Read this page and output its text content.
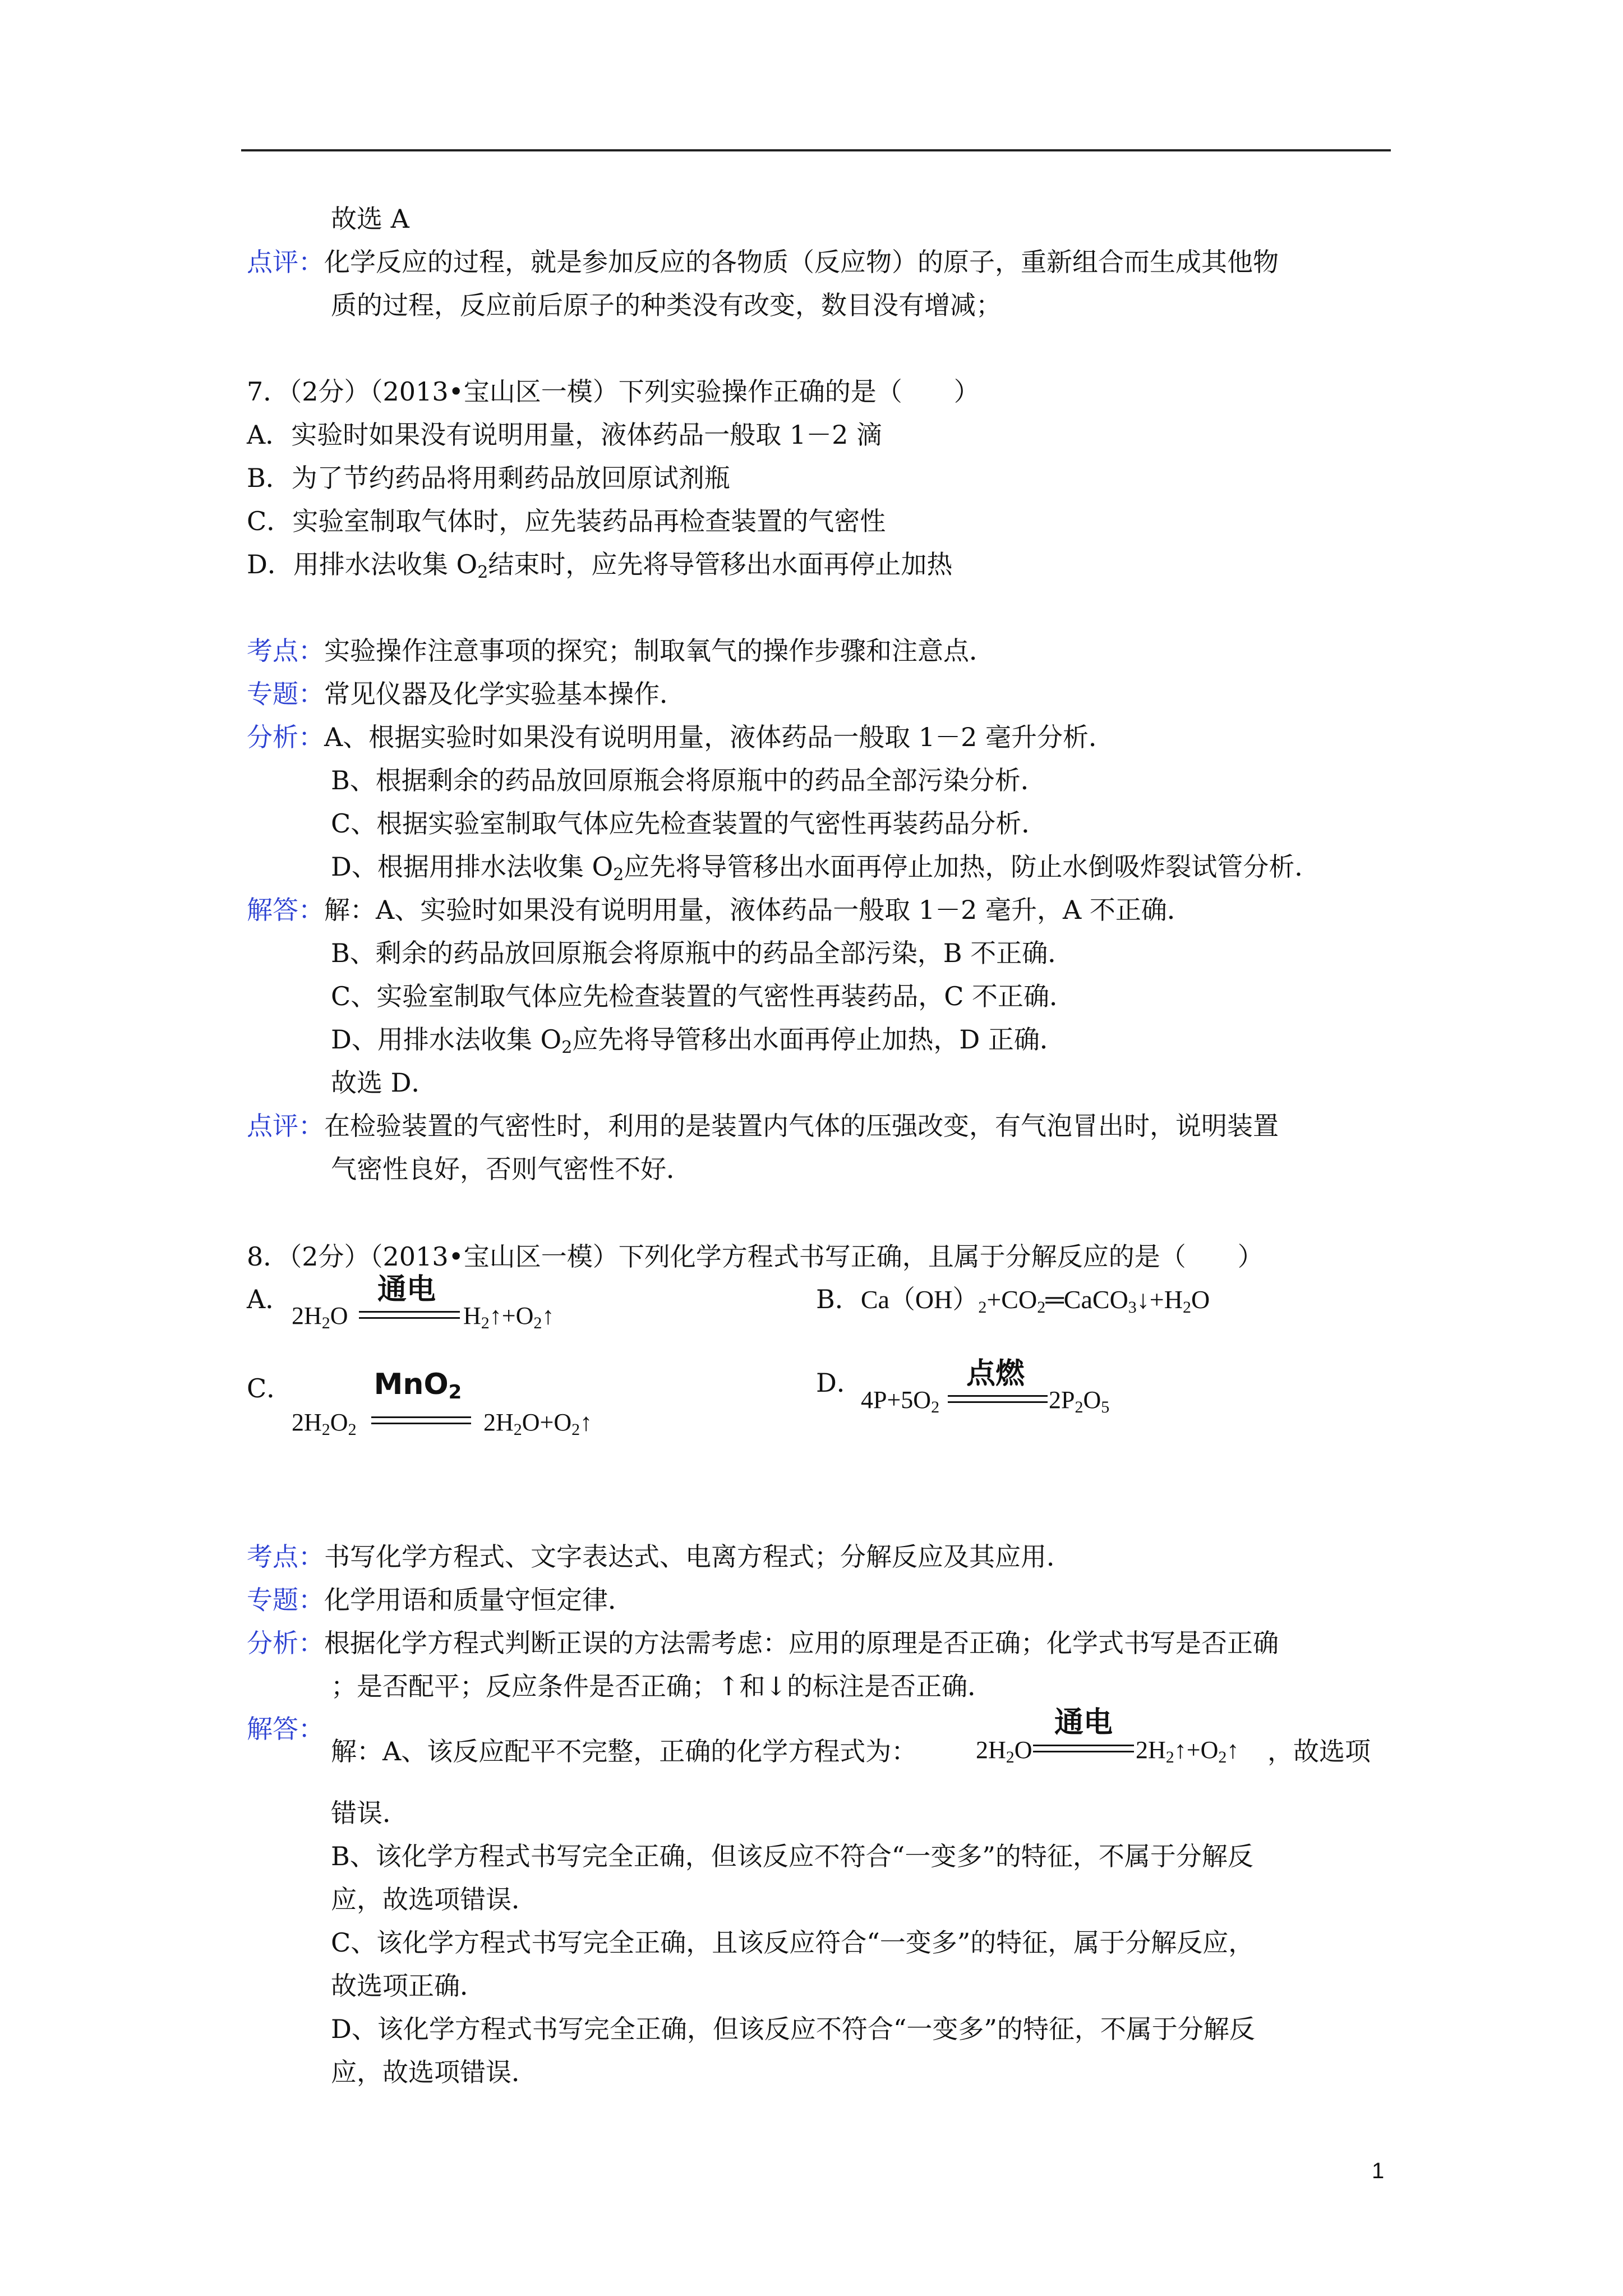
故选 A
点评：化学反应的过程，就是参加反应的各物质（反应物）的原子，重新组合而生成其他物
质的过程，反应前后原子的种类没有改变，数目没有增减；
7．（2分）（2013•宝山区一模）下列实验操作正确的是（　　）
A．实验时如果没有说明用量，液体药品一般取 1－2 滴
B．为了节约药品将用剩药品放回原试剂瓶
C．实验室制取气体时，应先装药品再检查装置的气密性
D．用排水法收集 $O_2$结束时，应先将导管移出水面再停止加热
考点：实验操作注意事项的探究；制取氧气的操作步骤和注意点．
专题：常见仪器及化学实验基本操作．
分析：A、根据实验时如果没有说明用量，液体药品一般取 1－2 毫升分析．
B、根据剩余的药品放回原瓶会将原瓶中的药品全部污染分析．
C、根据实验室制取气体应先检查装置的气密性再装药品分析．
D、根据用排水法收集 $O_2$应先将导管移出水面再停止加热，防止水倒吸炸裂试管分析．
解答：解：A、实验时如果没有说明用量，液体药品一般取 1－2 毫升，A 不正确．
B、剩余的药品放回原瓶会将原瓶中的药品全部污染，B 不正确．
C、实验室制取气体应先检查装置的气密性再装药品，C 不正确．
D、用排水法收集 $O_2$应先将导管移出水面再停止加热，D 正确．
故选 D．
点评：在检验装置的气密性时，利用的是装置内气体的压强改变，有气泡冒出时，说明装置
气密性良好，否则气密性不好．
8．（2分）（2013•宝山区一模）下列化学方程式书写正确，且属于分解反应的是（　　）
A．
$2H_2O$
通电
$H_2↑+O_2↑$
B．$Ca(OH)_2+CO_2═CaCO_3↓+H_2O$
C．
$2H_2O_2$
MnO$_2$
$2H_2O+O_2↑$
D．
$4P+5O_2$
点燃
$2P_2O_5$
考点：书写化学方程式、文字表达式、电离方程式；分解反应及其应用．
专题：化学用语和质量守恒定律．
分析：根据化学方程式判断正误的方法需考虑：应用的原理是否正确；化学式书写是否正确
；是否配平；反应条件是否正确；↑和↓的标注是否正确．
解答：
解：A、该反应配平不完整，正确的化学方程式为： $2H_2O$
通电
$2H_2↑+O_2↑$ ，故选项
错误．
B、该化学方程式书写完全正确，但该反应不符合“一变多”的特征，不属于分解反
应，故选项错误．
C、该化学方程式书写完全正确，且该反应符合“一变多”的特征，属于分解反应，
故选项正确．
D、该化学方程式书写完全正确，但该反应不符合“一变多”的特征，不属于分解反
应，故选项错误．
1
